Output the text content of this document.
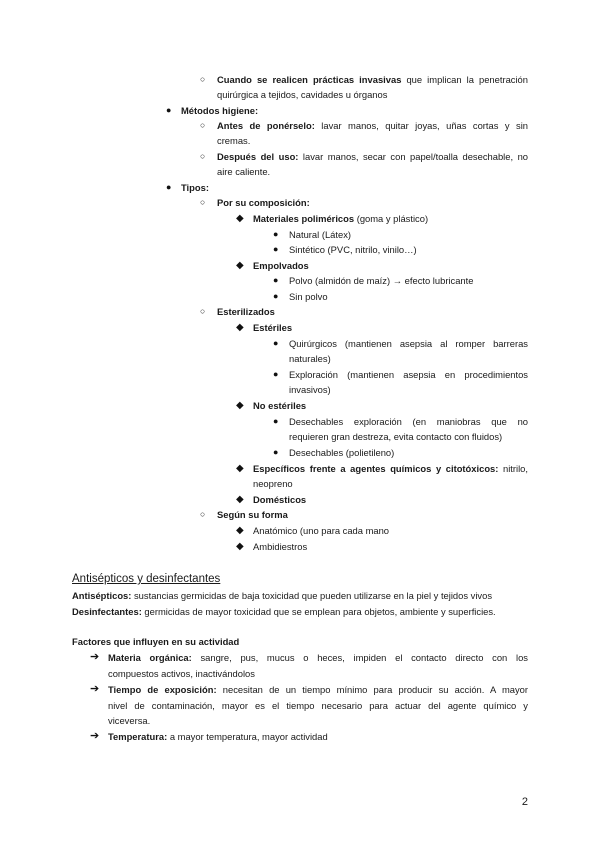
○ Cuando se realicen prácticas invasivas que implican la penetración
quirúrgica a tejidos, cavidades u órganos
● Métodos higiene:
○ Antes de ponérselo: lavar manos, quitar joyas, uñas cortas y sin
cremas.
○ Después del uso: lavar manos, secar con papel/toalla desechable, no
aire caliente.
● Tipos:
○ Por su composición:
◆ Materiales poliméricos (goma y plástico)
● Natural (Látex)
● Sintético (PVC, nitrilo, vinilo…)
◆ Empolvados
● Polvo (almidón de maíz) → efecto lubricante
● Sin polvo
○ Esterilizados
◆ Estériles
● Quirúrgicos (mantienen asepsia al romper barreras
naturales)
● Exploración (mantienen asepsia en procedimientos
invasivos)
◆ No estériles
● Desechables exploración (en maniobras que no
requieren gran destreza, evita contacto con fluidos)
● Desechables (polietileno)
◆ Específicos frente a agentes químicos y citotóxicos: nitrilo,
neopreno
◆ Domésticos
○ Según su forma
◆ Anatómico (uno para cada mano
◆ Ambidiestros
Antisépticos y desinfectantes
Antisépticos: sustancias germicidas de baja toxicidad que pueden utilizarse en la piel y tejidos vivos
Desinfectantes: germicidas de mayor toxicidad que se emplean para objetos, ambiente y superficies.
Factores que influyen en su actividad
➔ Materia orgánica: sangre, pus, mucus o heces, impiden el contacto directo con los
compuestos activos, inactivándolos
➔ Tiempo de exposición: necesitan de un tiempo mínimo para producir su acción. A mayor
nivel de contaminación, mayor es el tiempo necesario para actuar del agente químico y
viceversa.
➔ Temperatura: a mayor temperatura, mayor actividad
2
